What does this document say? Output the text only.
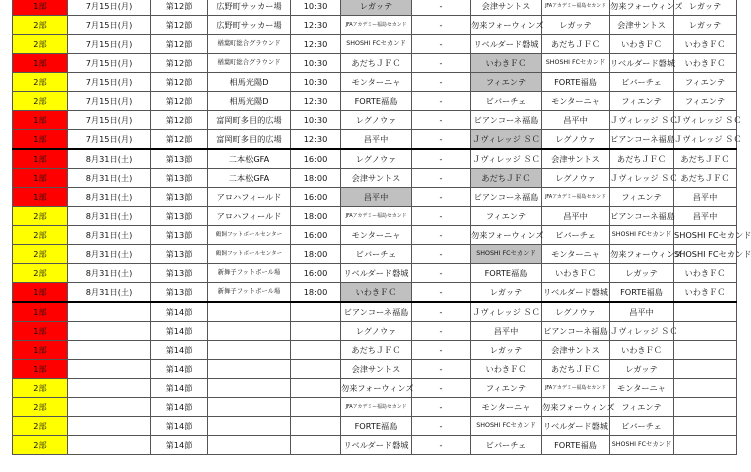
1部	7月15日(月)	第12節	広野町サッカー場	10:30	レガッテ	-	会津サントス	JFAアカデミー福島セカンド	勿来フォーウィンズ	レガッテ
2部	7月15日(月)	第12節	広野町サッカー場	12:30	JFAアカデミー福島セカンド	-	勿来フォーウィンズ	レガッテ	会津サントス	レガッテ
2部	7月15日(月)	第12節	楢葉町総合グラウンド	12:30	SHOSHI FCセカンド	-	リベルダード磐城	あだちＪＦＣ	いわきＦＣ	いわきＦＣ
1部	7月15日(月)	第12節	楢葉町総合グラウンド	10:30	あだちＪＦＣ	-	いわきＦＣ	SHOSHI FCセカンド	リベルダード磐城	いわきＦＣ
2部	7月15日(月)	第12節	相馬光陽D	10:30	モンターニャ	-	フィエンテ	FORTE福島	ビバーチェ	フィエンテ
2部	7月15日(月)	第12節	相馬光陽D	12:30	FORTE福島	-	ビバーチェ	モンターニャ	フィエンテ	フィエンテ
1部	7月15日(月)	第12節	富岡町多目的広場	10:30	レグノウァ	-	ビアンコーネ福島	昌平中	Ｊヴィレッジ ＳＣ	Ｊヴィレッジ ＳＣ
1部	7月15日(月)	第12節	富岡町多目的広場	12:30	昌平中	-	Ｊヴィレッジ ＳＣ	レグノウァ	ビアンコーネ福島	Ｊヴィレッジ ＳＣ
1部	8月31日(土)	第13節	二本松GFA	16:00	レグノウァ	-	Ｊヴィレッジ ＳＣ	会津サントス	あだちＪＦＣ	あだちＪＦＣ
1部	8月31日(土)	第13節	二本松GFA	18:00	会津サントス	-	あだちＪＦＣ	レグノウァ	Ｊヴィレッジ ＳＣ	あだちＪＦＣ
1部	8月31日(土)	第13節	アロハフィールド	16:00	昌平中	-	ビアンコーネ福島	JFAアカデミー福島セカンド	フィエンテ	昌平中
2部	8月31日(土)	第13節	アロハフィールド	18:00	JFAアカデミー福島セカンド	-	フィエンテ	昌平中	ビアンコーネ福島	昌平中
2部	8月31日(土)	第13節	鶴飼フットボールセンター	16:00	モンターニャ	-	勿来フォーウィンズ	ビバーチェ	SHOSHI FCセカンド	SHOSHI FCセカンド
2部	8月31日(土)	第13節	鶴飼フットボールセンター	18:00	ビバーチェ	-	SHOSHI FCセカンド	モンターニャ	勿来フォーウィンズ	SHOSHI FCセカンド
2部	8月31日(土)	第13節	新舞子フットボール場	16:00	リベルダード磐城	-	FORTE福島	いわきＦＣ	レガッテ	いわきＦＣ
1部	8月31日(土)	第13節	新舞子フットボール場	18:00	いわきＦＣ	-	レガッテ	リベルダード磐城	FORTE福島	いわきＦＣ
1部		第14節			ビアンコーネ福島	-	Ｊヴィレッジ ＳＣ	レグノウァ	昌平中	
1部		第14節			レグノウァ	-	昌平中	ビアンコーネ福島	Ｊヴィレッジ ＳＣ	
1部		第14節			あだちＪＦＣ	-	レガッテ	会津サントス	いわきＦＣ	
1部		第14節			会津サントス	-	いわきＦＣ	あだちＪＦＣ	レガッテ	
2部		第14節			勿来フォーウィンズ	-	フィエンテ	JFAアカデミー福島セカンド	モンターニャ	
2部		第14節			JFAアカデミー福島セカンド	-	モンターニャ	勿来フォーウィンズ	フィエンテ	
2部		第14節			FORTE福島	-	SHOSHI FCセカンド	リベルダード磐城	ビバーチェ	
2部		第14節			リベルダード磐城	-	ビバーチェ	FORTE福島	SHOSHI FCセカンド	
